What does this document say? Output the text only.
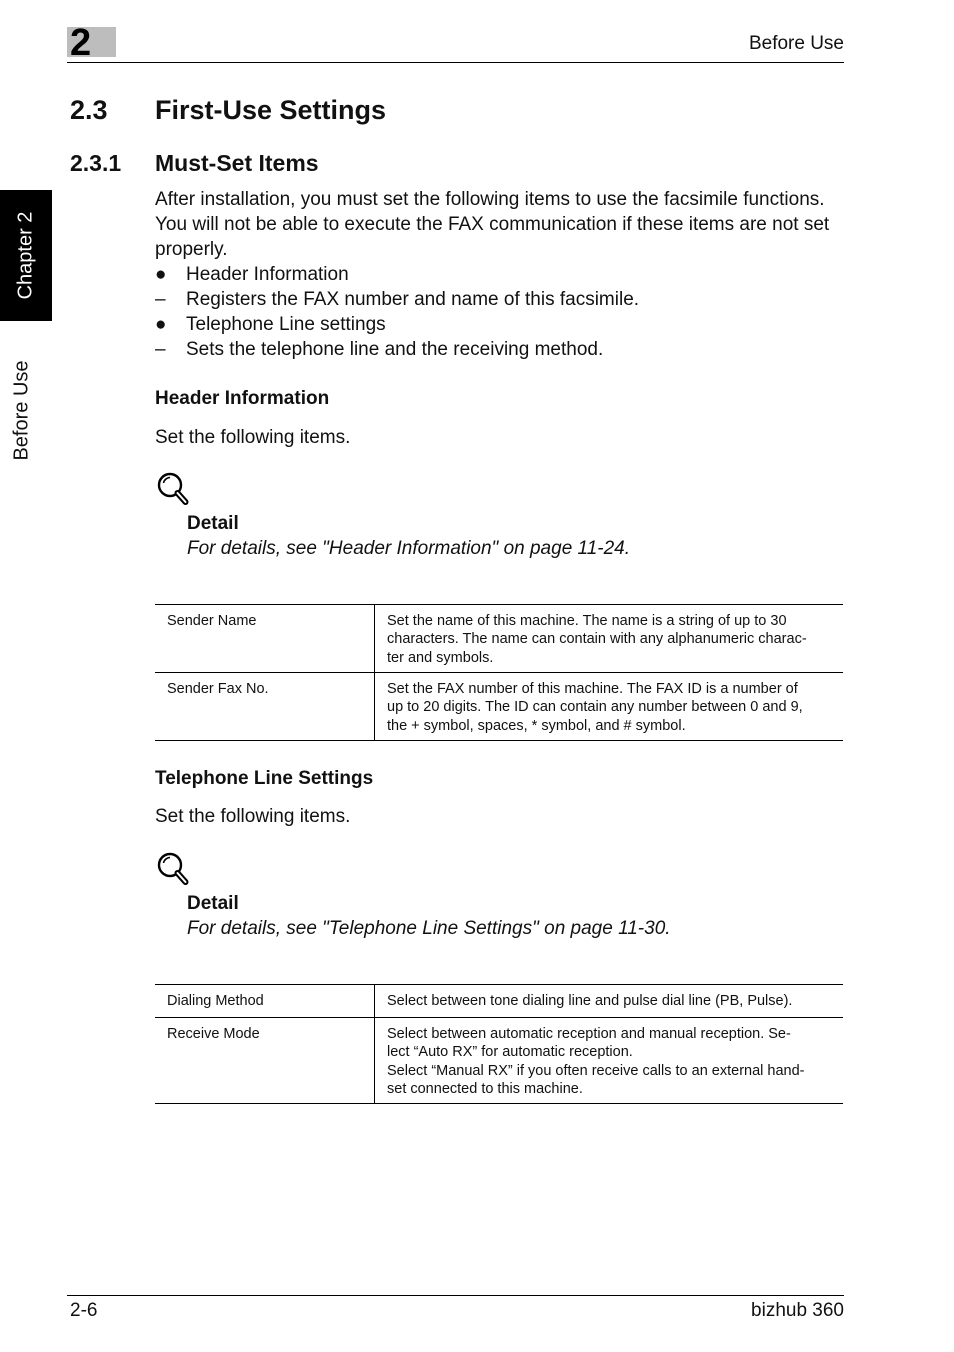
2	Before Use
Chapter 2
Before Use
2.3 First-Use Settings
2.3.1 Must-Set Items
After installation, you must set the following items to use the facsimile functions. You will not be able to execute the FAX communication if these items are not set properly.
●	Header Information
–	Registers the FAX number and name of this facsimile.
●	Telephone Line settings
–	Sets the telephone line and the receiving method.
Header Information
Set the following items.
Detail
For details, see "Header Information" on page 11-24.
Sender Name	Set the name of this machine. The name is a string of up to 30
characters. The name can contain with any alphanumeric charac-
ter and symbols.

Sender Fax No.	Set the FAX number of this machine. The FAX ID is a number of
up to 20 digits. The ID can contain any number between 0 and 9,
the + symbol, spaces, * symbol, and # symbol.
Telephone Line Settings
Set the following items.
Detail
For details, see "Telephone Line Settings" on page 11-30.
Dialing Method	Select between tone dialing line and pulse dial line (PB, Pulse).

Receive Mode	Select between automatic reception and manual reception. Se-
lect “Auto RX” for automatic reception.
Select “Manual RX” if you often receive calls to an external hand-
set connected to this machine.
2-6	bizhub 360
